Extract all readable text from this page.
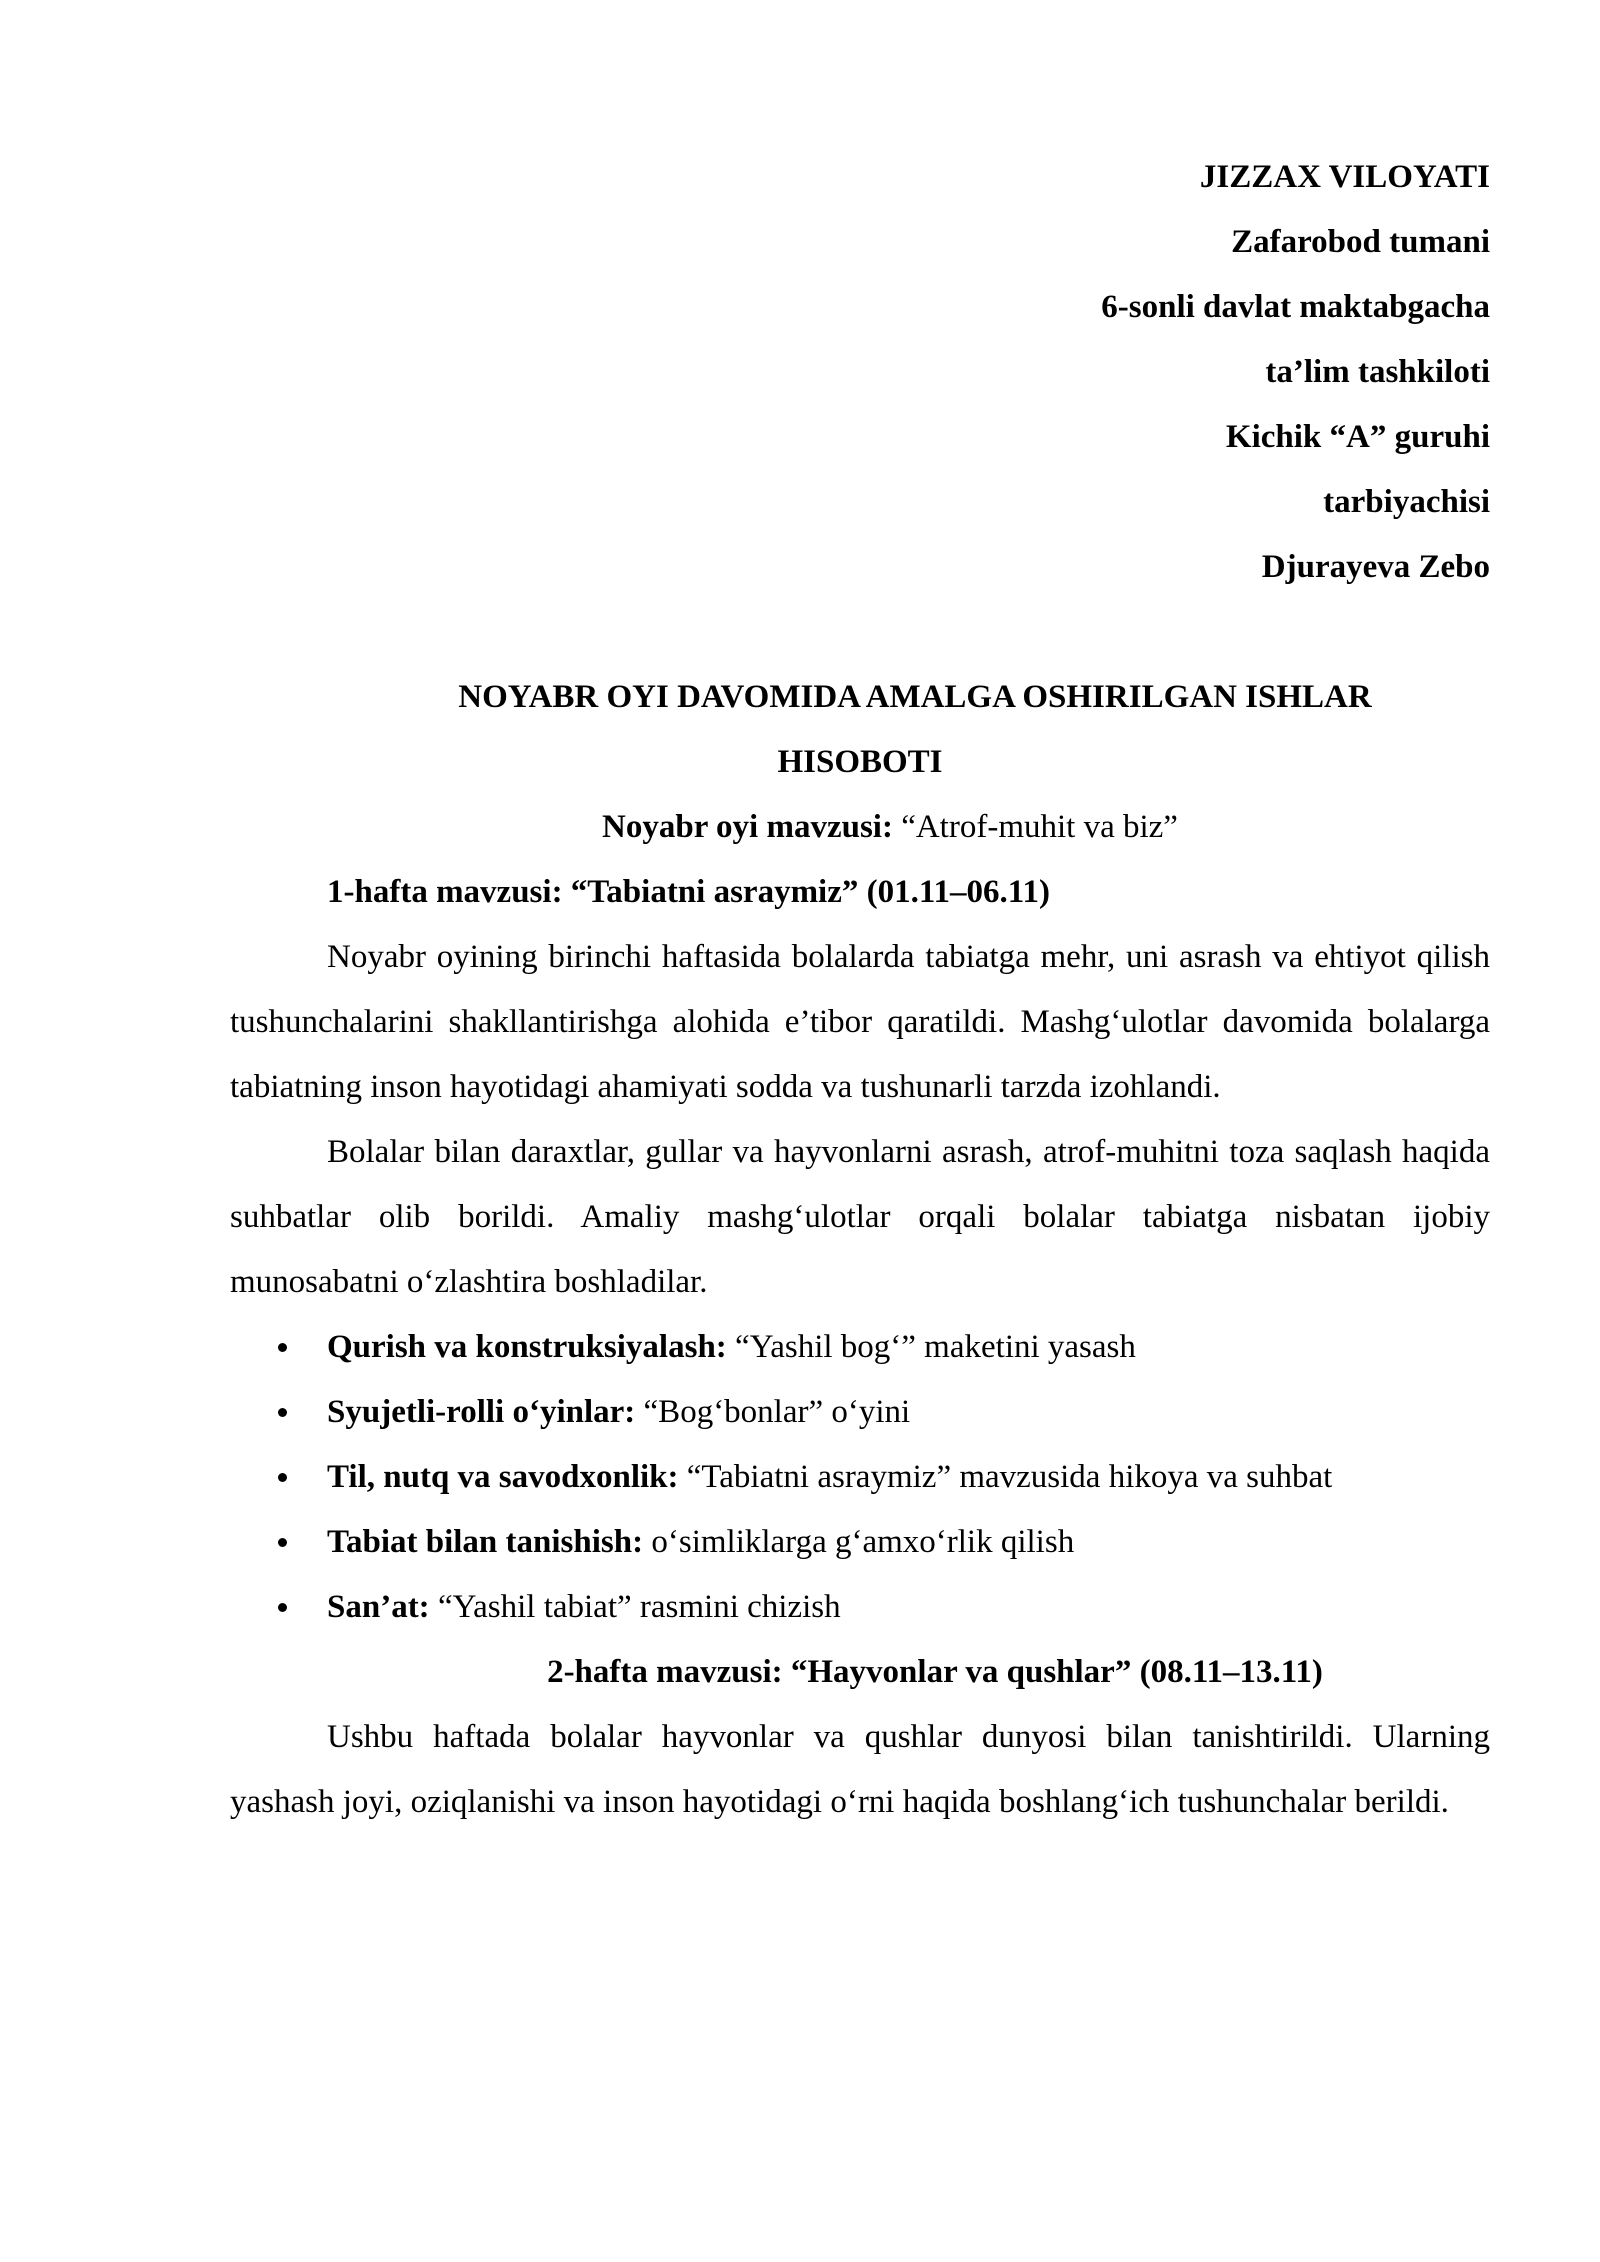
JIZZAX VILOYATI
Zafarobod tumani
6-sonli davlat maktabgacha
ta’lim tashkiloti
Kichik “A” guruhi
tarbiyachisi
Djurayeva Zebo
NOYABR OYI DAVOMIDA AMALGA OSHIRILGAN ISHLAR
HISOBOTI
Noyabr oyi mavzusi: “Atrof-muhit va biz”
1-hafta mavzusi: “Tabiatni asraymiz” (01.11–06.11)

Noyabr oyining birinchi haftasida bolalarda tabiatga mehr, uni asrash va ehtiyot qilish tushunchalarini shakllantirishga alohida e’tibor qaratildi. Mashg‘ulotlar davomida bolalarga tabiatning inson hayotidagi ahamiyati sodda va tushunarli tarzda izohlandi.

Bolalar bilan daraxtlar, gullar va hayvonlarni asrash, atrof-muhitni toza saqlash haqida suhbatlar olib borildi. Amaliy mashg‘ulotlar orqali bolalar tabiatga nisbatan ijobiy munosabatni o‘zlashtira boshladilar.

Qurish va konstruksiyalash: “Yashil bog‘” maketini yasash
Syujetli-rolli o‘yinlar: “Bog‘bonlar” o‘yini
Til, nutq va savodxonlik: “Tabiatni asraymiz” mavzusida hikoya va suhbat
Tabiat bilan tanishish: o‘simliklarga g‘amxo‘rlik qilish
San’at: “Yashil tabiat” rasmini chizish
2-hafta mavzusi: “Hayvonlar va qushlar” (08.11–13.11)

Ushbu haftada bolalar hayvonlar va qushlar dunyosi bilan tanishtirildi. Ularning yashash joyi, oziqlanishi va inson hayotidagi o‘rni haqida boshlang‘ich tushunchalar berildi.
